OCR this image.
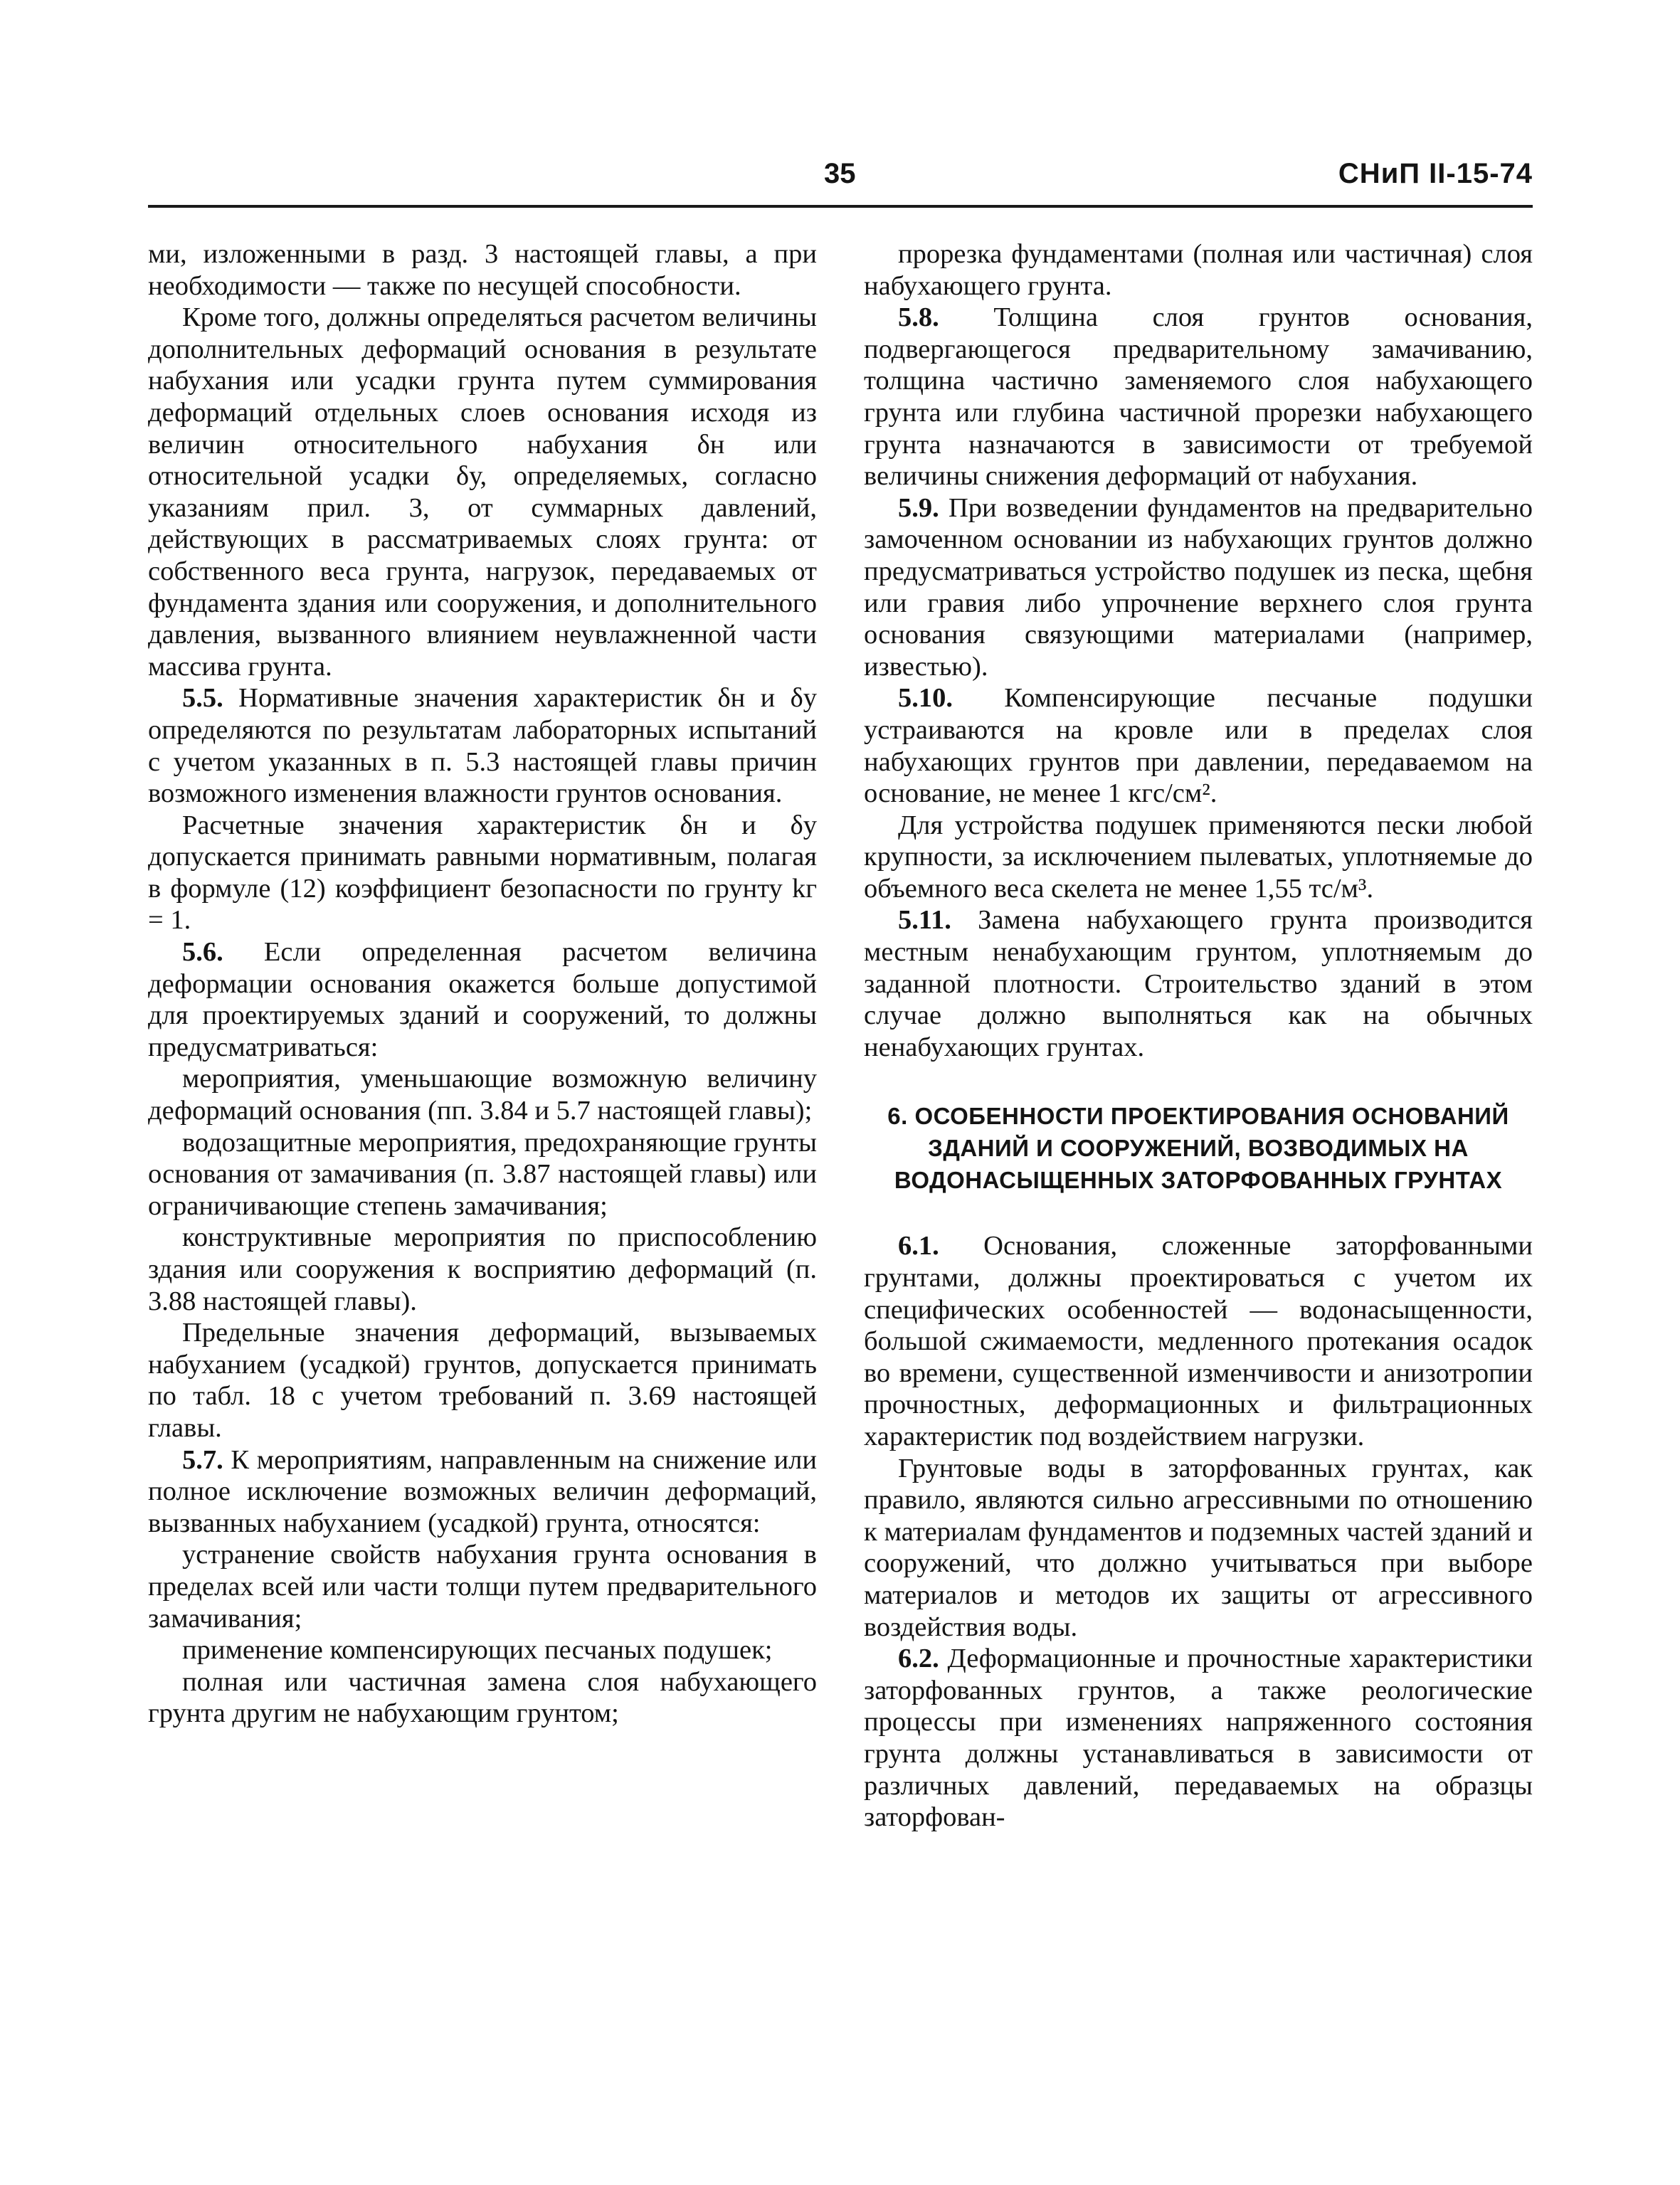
35	СНиП II-15-74

ми, изложенными в разд. 3 настоящей главы, а при необходимости — также по несущей способности.

Кроме того, должны определяться расчетом величины дополнительных деформаций основания в результате набухания или усадки грунта путем суммирования деформаций отдельных слоев основания исходя из величин относительного набухания δн или относительной усадки δу, определяемых, согласно указаниям прил. 3, от суммарных давлений, действующих в рассматриваемых слоях грунта: от собственного веса грунта, нагрузок, передаваемых от фундамента здания или сооружения, и дополнительного давления, вызванного влиянием неувлажненной части массива грунта.

5.5. Нормативные значения характеристик δн и δу определяются по результатам лабораторных испытаний с учетом указанных в п. 5.3 настоящей главы причин возможного изменения влажности грунтов основания.

Расчетные значения характеристик δн и δу допускается принимать равными нормативным, полагая в формуле (12) коэффициент безопасности по грунту kг = 1.

5.6. Если определенная расчетом величина деформации основания окажется больше допустимой для проектируемых зданий и сооружений, то должны предусматриваться:

мероприятия, уменьшающие возможную величину деформаций основания (пп. 3.84 и 5.7 настоящей главы);

водозащитные мероприятия, предохраняющие грунты основания от замачивания (п. 3.87 настоящей главы) или ограничивающие степень замачивания;

конструктивные мероприятия по приспособлению здания или сооружения к восприятию деформаций (п. 3.88 настоящей главы).

Предельные значения деформаций, вызываемых набуханием (усадкой) грунтов, допускается принимать по табл. 18 с учетом требований п. 3.69 настоящей главы.

5.7. К мероприятиям, направленным на снижение или полное исключение возможных величин деформаций, вызванных набуханием (усадкой) грунта, относятся:

устранение свойств набухания грунта основания в пределах всей или части толщи путем предварительного замачивания;

применение компенсирующих песчаных подушек;

полная или частичная замена слоя набухающего грунта другим не набухающим грунтом;

прорезка фундаментами (полная или частичная) слоя набухающего грунта.

5.8. Толщина слоя грунтов основания, подвергающегося предварительному замачиванию, толщина частично заменяемого слоя набухающего грунта или глубина частичной прорезки набухающего грунта назначаются в зависимости от требуемой величины снижения деформаций от набухания.

5.9. При возведении фундаментов на предварительно замоченном основании из набухающих грунтов должно предусматриваться устройство подушек из песка, щебня или гравия либо упрочнение верхнего слоя грунта основания связующими материалами (например, известью).

5.10. Компенсирующие песчаные подушки устраиваются на кровле или в пределах слоя набухающих грунтов при давлении, передаваемом на основание, не менее 1 кгс/см².

Для устройства подушек применяются пески любой крупности, за исключением пылеватых, уплотняемые до объемного веса скелета не менее 1,55 тс/м³.

5.11. Замена набухающего грунта производится местным ненабухающим грунтом, уплотняемым до заданной плотности. Строительство зданий в этом случае должно выполняться как на обычных ненабухающих грунтах.

6. ОСОБЕННОСТИ ПРОЕКТИРОВАНИЯ ОСНОВАНИЙ ЗДАНИЙ И СООРУЖЕНИЙ, ВОЗВОДИМЫХ НА ВОДОНАСЫЩЕННЫХ ЗАТОРФОВАННЫХ ГРУНТАХ

6.1. Основания, сложенные заторфованными грунтами, должны проектироваться с учетом их специфических особенностей — водонасыщенности, большой сжимаемости, медленного протекания осадок во времени, существенной изменчивости и анизотропии прочностных, деформационных и фильтрационных характеристик под воздействием нагрузки.

Грунтовые воды в заторфованных грунтах, как правило, являются сильно агрессивными по отношению к материалам фундаментов и подземных частей зданий и сооружений, что должно учитываться при выборе материалов и методов их защиты от агрессивного воздействия воды.

6.2. Деформационные и прочностные характеристики заторфованных грунтов, а также реологические процессы при изменениях напряженного состояния грунта должны устанавливаться в зависимости от различных давлений, передаваемых на образцы заторфован-
